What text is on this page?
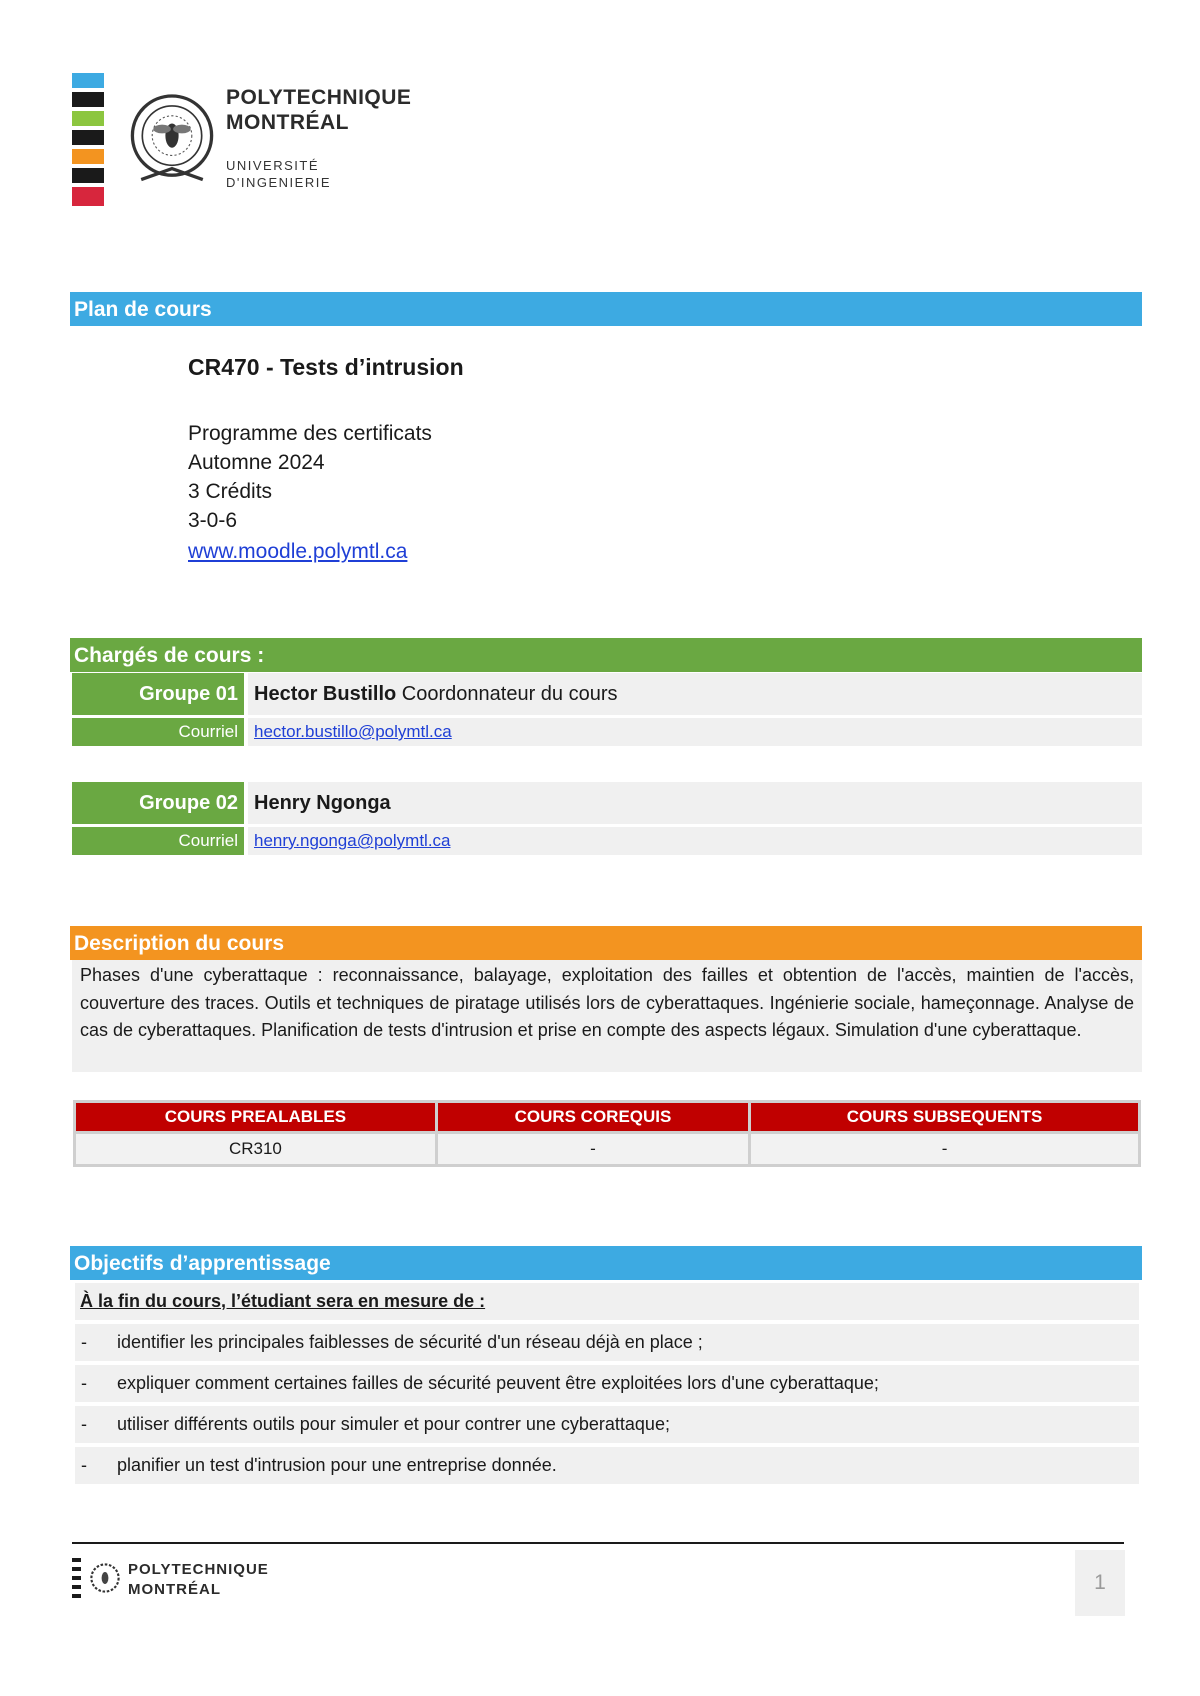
POLYTECHNIQUE
MONTRÉAL
UNIVERSITÉ
D'INGENIERIE
Plan de cours
CR470 - Tests d’intrusion
Programme des certificats
Automne 2024
3 Crédits
3-0-6
www.moodle.polymtl.ca
Chargés de cours :
Groupe 01 Hector Bustillo Coordonnateur du cours
Courriel hector.bustillo@polymtl.ca
Groupe 02 Henry Ngonga
Courriel henry.ngonga@polymtl.ca
Description du cours
Phases d'une cyberattaque : reconnaissance, balayage, exploitation des failles et obtention de l'accès, maintien de l'accès, couverture des traces. Outils et techniques de piratage utilisés lors de cyberattaques. Ingénierie sociale, hameçonnage. Analyse de cas de cyberattaques. Planification de tests d'intrusion et prise en compte des aspects légaux. Simulation d'une cyberattaque.
COURS PREALABLES	COURS COREQUIS	COURS SUBSEQUENTS
CR310	-	-
Objectifs d’apprentissage
À la fin du cours, l’étudiant sera en mesure de :
- identifier les principales faiblesses de sécurité d'un réseau déjà en place ;
- expliquer comment certaines failles de sécurité peuvent être exploitées lors d'une cyberattaque;
- utiliser différents outils pour simuler et pour contrer une cyberattaque;
- planifier un test d'intrusion pour une entreprise donnée.
POLYTECHNIQUE
MONTRÉAL	1
